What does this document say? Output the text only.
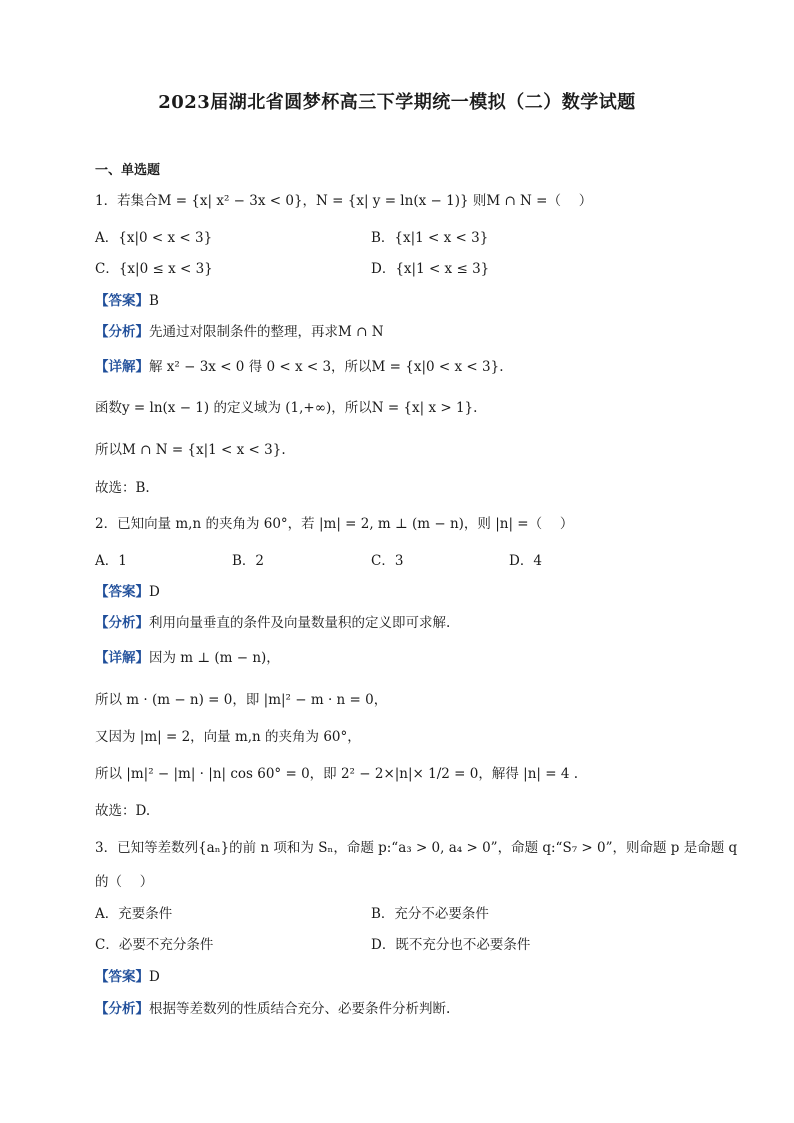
2023届湖北省圆梦杯高三下学期统一模拟（二）数学试题
一、单选题
1．若集合M = {x| x² − 3x < 0}，N = {x| y = ln(x − 1)} 则M ∩ N =（　 ）
A．{x|0 < x < 3}	B．{x|1 < x < 3}
C．{x|0 ≤ x < 3}	D．{x|1 < x ≤ 3}
【答案】B
【分析】先通过对限制条件的整理，再求M ∩ N
【详解】解 x² − 3x < 0 得 0 < x < 3，所以M = {x|0 < x < 3}.
函数y = ln(x − 1) 的定义域为 (1,+∞)，所以N = {x| x > 1}.
所以M ∩ N = {x|1 < x < 3}.
故选：B.
2．已知向量 m,n 的夹角为 60°，若 |m| = 2, m ⊥ (m − n)，则 |n| =（　 ）
A．1	B．2	C．3	D．4
【答案】D
【分析】利用向量垂直的条件及向量数量积的定义即可求解.
【详解】因为 m ⊥ (m − n)，
所以 m · (m − n) = 0，即 |m|² − m · n = 0，
又因为 |m| = 2，向量 m,n 的夹角为 60°，
所以 |m|² − |m| · |n| cos 60° = 0，即 2² − 2×|n|× 1/2 = 0，解得 |n| = 4 .
故选：D.
3．已知等差数列{aₙ}的前 n 项和为 Sₙ，命题 p:“a₃ > 0, a₄ > 0”，命题 q:“S₇ > 0”，则命题 p 是命题 q
的（　 ）
A．充要条件	B．充分不必要条件
C．必要不充分条件	D．既不充分也不必要条件
【答案】D
【分析】根据等差数列的性质结合充分、必要条件分析判断.
